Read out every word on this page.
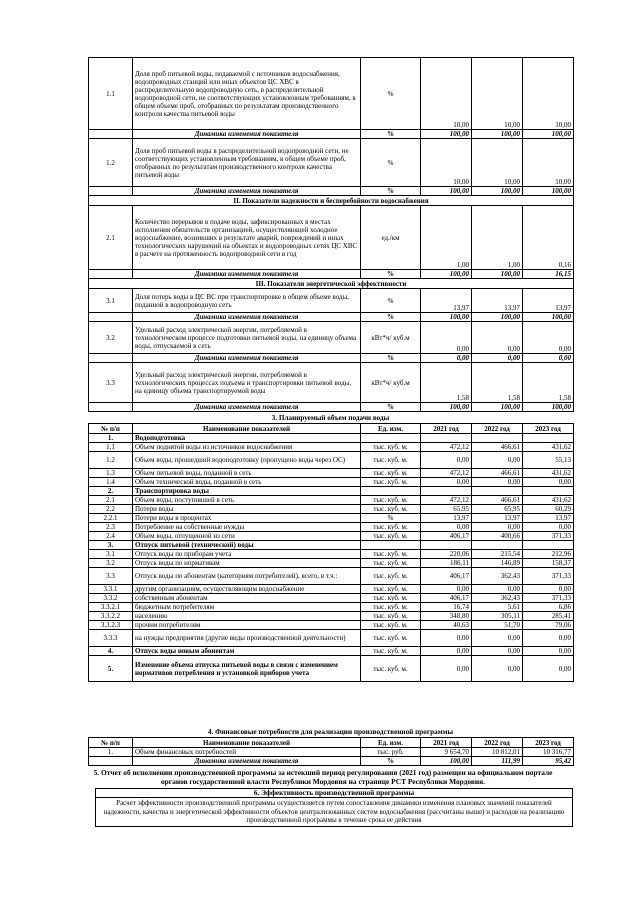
1.1	Доля проб питьевой воды, подаваемой с источников водоснабжения, водопроводных станций или иных объектов ЦС ХВС в распределительную водопроводную сеть, в распределительной водопроводной сети, не соответствующих установленным требованиям, в общем объеме проб, отобранных по результатам производственного контроля качества питьевой воды	%	10,00	10,00	10,00
	Динамика изменения показателя	%	100,00	100,00	100,00
1.2	Доля проб питьевой воды в распределительной водопроводной сети, не соответствующих установленным требованиям, в общем объеме проб, отобранных по результатам производственного контроля качества питьевой воды	%	10,00	10,00	10,00
	Динамика изменения показателя	%	100,00	100,00	100,00
II. Показатели надежности и бесперебойности водоснабжения					
2.1	Количество перерывов в подаче воды, зафиксированных в местах исполнения обязательств организацией, осуществляющей холодное водоснабжение, возникших в результате аварий, повреждений и иных технологических нарушений на объектах и водопроводных сетях ЦС ХВС в расчете на протяженность водопроводной сети в год	ед./км	1,00	1,00	0,16
	Динамика изменения показателя	%	100,00	100,00	16,15
III. Показатели энергетической эффективности					
3.1	Доля потерь воды в ЦС ВС при транспортировке в общем объеме воды, поданной в водопроводную сеть	%	13,97	13,97	13,97
	Динамика изменения показателя	%	100,00	100,00	100,00
3.2	Удельный расход электрической энергии, потребляемой в технологическом процессе подготовки питьевой воды, на единицу объема воды, отпускаемой в сеть	кВт*ч/ куб.м	0,00	0,00	0,00
	Динамика изменения показателя	%	0,00	0,00	0,00
3.3	Удельный расход электрической энергии, потребляемой в технологических процессах подъема и транспортировки питьевой воды, на единицу объема транспортируемой воды	кВт*ч/ куб.м	1,58	1,58	1,58
	Динамика изменения показателя	%	100,00	100,00	100,00
3. Планируемый объем подачи воды
№ п/п	Наименование показателей	Ед. изм.	2021 год	2022 год	2023 год
1.	Водоподготовка				
1.1	Объем поднятой воды из источников водоснабжения	тыс. куб. м.	472,12	466,61	431,62
1.2	Объем воды, прошедший водоподготовку (пропущено воды через ОС)	тыс. куб. м.	0,00	0,00	55,13
1.3	Объем питьевой воды, поданной в сеть	тыс. куб. м.	472,12	466,61	431,62
1.4	Объем технической воды, поданной в сеть	тыс. куб. м.	0,00	0,00	0,00
2.	Транспортировка воды				
2.1	Объем воды, поступившей в сеть	тыс. куб. м.	472,12	466,61	431,62
2.2	Потери воды	тыс. куб. м.	65,95	65,95	60,29
2.2.1	Потери воды в процентах	%	13,97	13,97	13,97
2.3	Потребление на собственные нужды	тыс. куб. м.	0,00	0,00	0,00
2.4	Объем воды, отпущенной из сети	тыс. куб. м.	406,17	400,66	371,33
3.	Отпуск питьевой (технической) воды				
3.1	Отпуск воды по приборам учета	тыс. куб. м.	220,06	215,54	212,96
3.2	Отпуск воды по нормативам	тыс. куб. м.	186,11	146,89	158,37
3.3	Отпуск воды по абонентам (категориям потребителей), всего, в т.ч.:	тыс. куб. м.	406,17	362,43	371,33
3.3.1	другим организациям, осуществляющим водоснабжение	тыс. куб. м.	0,00	0,00	0,00
3.3.2	собственным абонентам	тыс. куб. м.	406,17	362,43	371,33
3.3.2.1	бюджетным потребителям	тыс. куб. м.	16,74	5,61	6,86
3.3.2.2	населению	тыс. куб. м.	348,80	305,11	285,41
3.3.2.3	прочим потребителям	тыс. куб. м.	40,63	51,70	79,06
3.3.3	на нужды предприятия (другие виды производственной деятельности)	тыс. куб. м.	0,00	0,00	0,00
4.	Отпуск воды новым абонентам	тыс. куб. м.	0,00	0,00	0,00
5.	Изменение объема отпуска питьевой воды в связи с изменением нормативов потребления и установкой приборов учета	тыс. куб. м.	0,00	0,00	0,00
4. Финансовые потребности для реализации производственной программы
№ п/п	Наименование показателей	Ед. изм.	2021 год	2022 год	2023 год
1.	Объем финансовых потребностей	тыс. руб.	9 654,70	10 812,01	10 316,77
	Динамика изменения показателя	%	100,00	111,99	95,42
5. Отчет об исполнении производственной программы за истекший период регулирования (2021 год) размещен на официальном портале органов государственной власти Республики Мордовия на странице РСТ Республики Мордовия.
6. Эффективность производственной программы
Расчет эффективности производственной программы осуществляется путем сопоставления динамики изменения плановых значений показателей надежности, качества и энергетической эффективности объектов централизованных систем водоснабжения (рассчитаны выше) и расходов на реализацию производственной программы в течение срока ее действия
